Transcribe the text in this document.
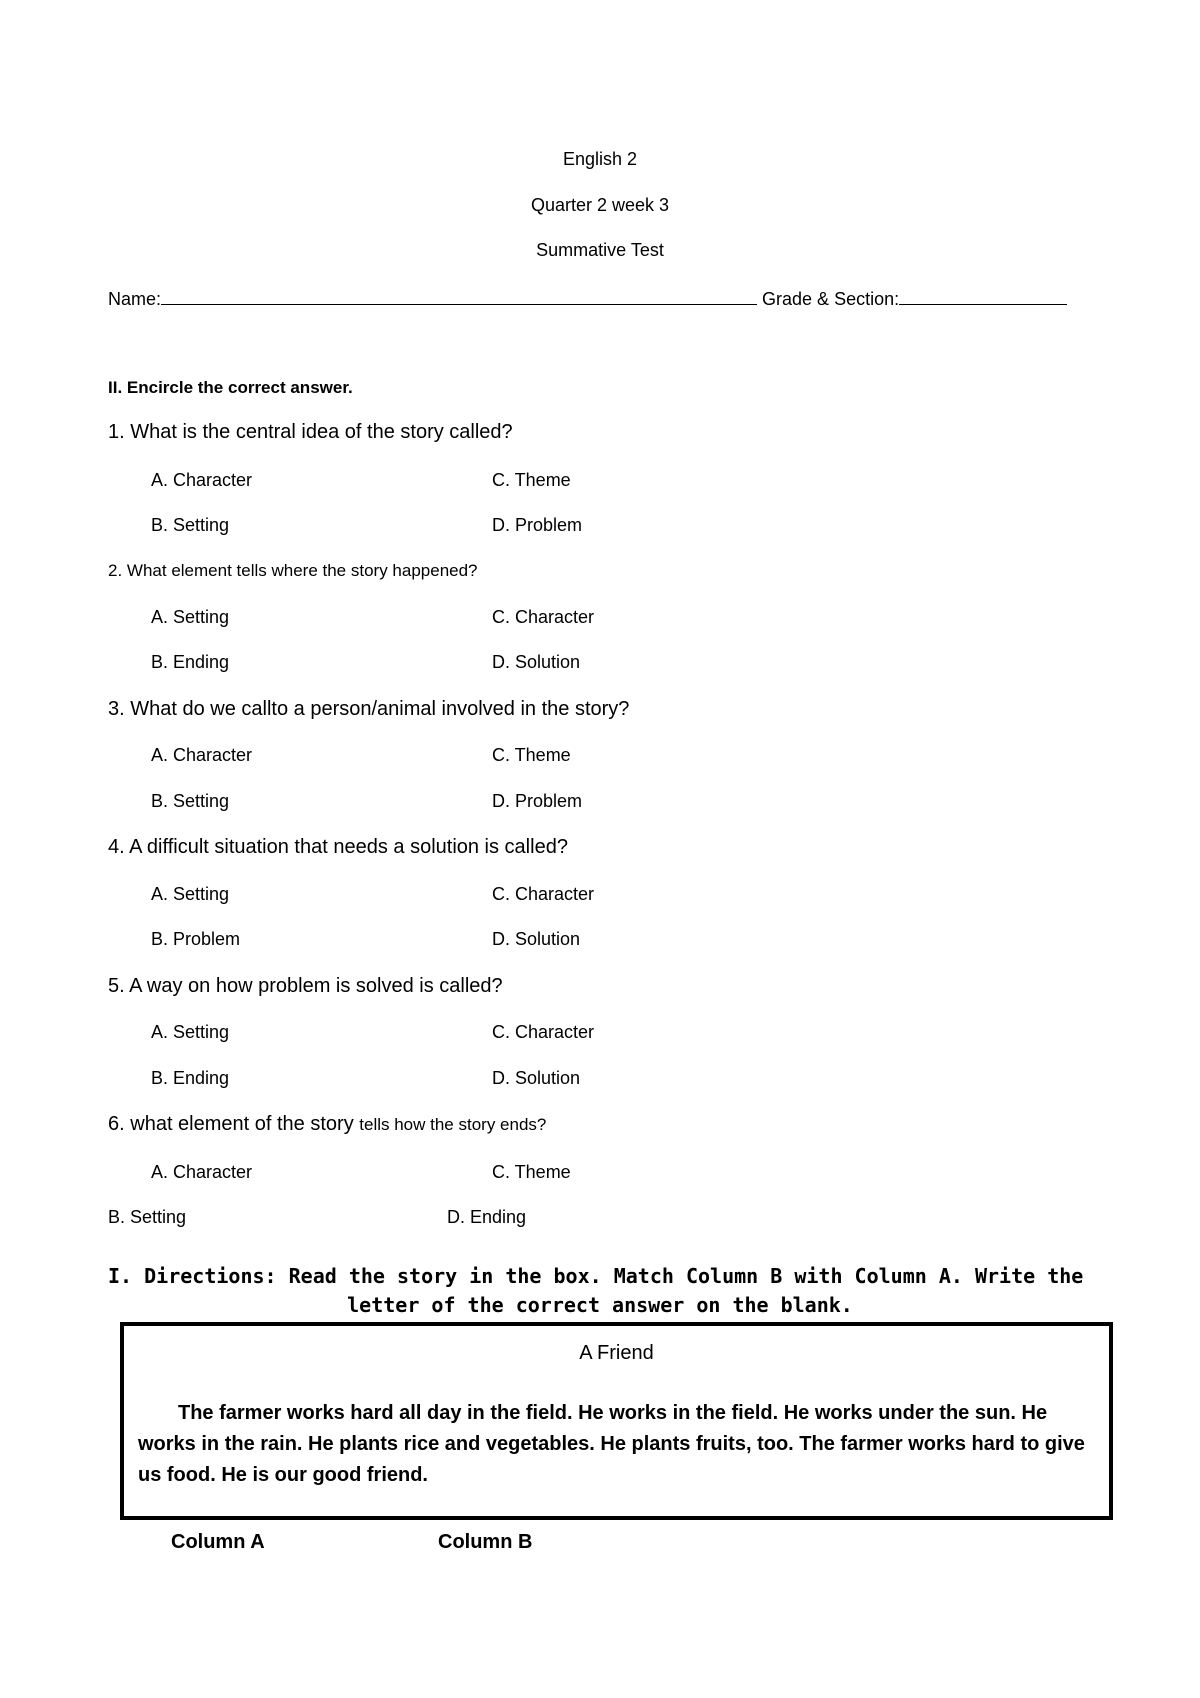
English 2
Quarter 2 week 3
Summative Test
Name:	Grade & Section:
II. Encircle the correct answer.
1. What is the central idea of the story called?
A. Character	C. Theme
B. Setting	D. Problem
2. What element tells where the story happened?
A. Setting	C. Character
B. Ending	D. Solution
3. What do we callto a person/animal involved in the story?
A. Character	C. Theme
B. Setting	D. Problem
4. A difficult situation that needs a solution is called?
A. Setting	C. Character
B. Problem	D. Solution
5. A way on how problem is solved is called?
A. Setting	C. Character
B. Ending	D. Solution
6. what element of the story tells how the story ends?
A. Character	C. Theme
B. Setting	D. Ending
I. Directions: Read the story in the box. Match Column B with Column A. Write the
letter of the correct answer on the blank.
A Friend
The farmer works hard all day in the field. He works in the field. He works under the sun. He works in the rain. He plants rice and vegetables. He plants fruits, too. The farmer works hard to give us food. He is our good friend.
Column A	Column B
